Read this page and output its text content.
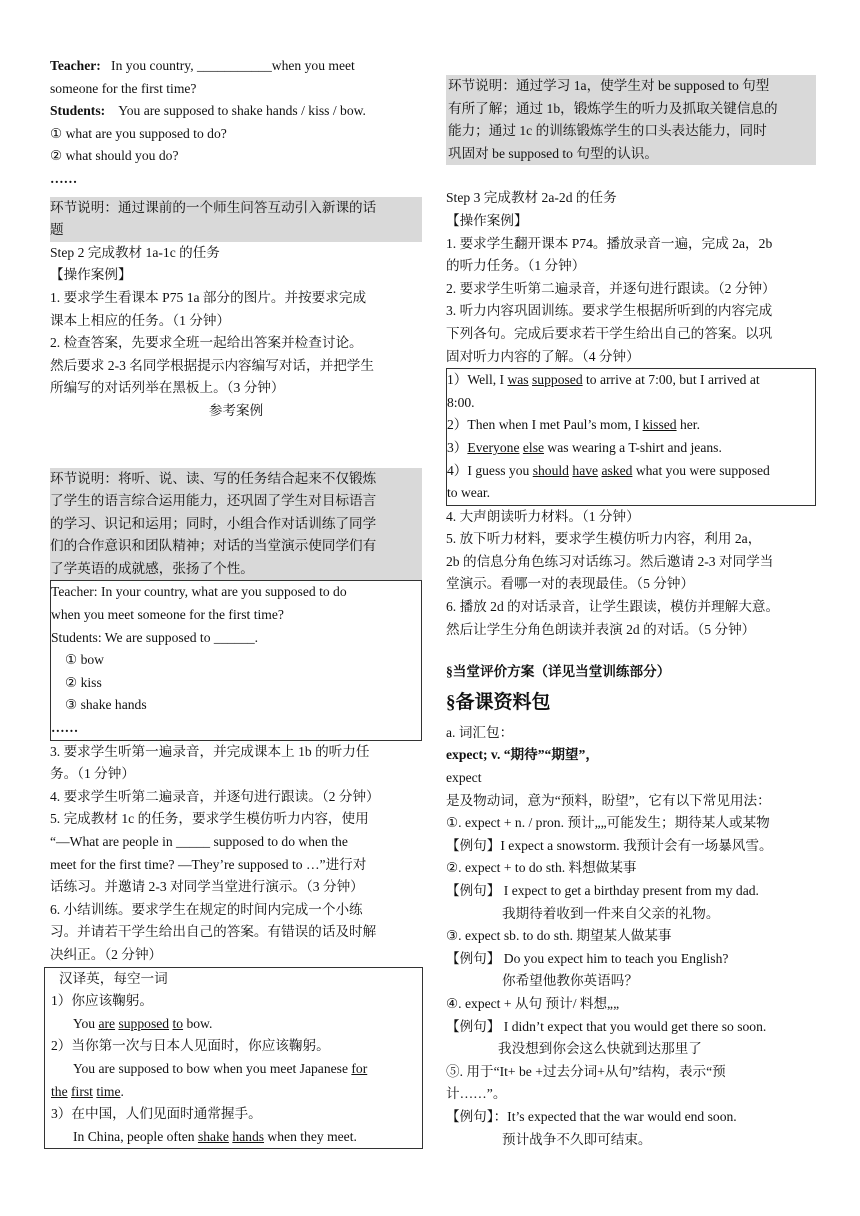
Teacher: In you country, ___________when you meet
someone for the first time?
Students: You are supposed to shake hands / kiss / bow.
① what are you supposed to do?
② what should you do?
……
环节说明：通过课前的一个师生问答互动引入新课的话
题
Step 2 完成教材 1a-1c 的任务
【操作案例】
1. 要求学生看课本 P75 1a 部分的图片。并按要求完成
课本上相应的任务。（1 分钟）
2. 检查答案，先要求全班一起给出答案并检查讨论。
然后要求 2-3 名同学根据提示内容编写对话，并把学生
所编写的对话列举在黑板上。（3 分钟）
参考案例
环节说明：将听、说、读、写的任务结合起来不仅锻炼
了学生的语言综合运用能力，还巩固了学生对目标语言
的学习、识记和运用；同时，小组合作对话训练了同学
们的合作意识和团队精神；对话的当堂演示使同学们有
了学英语的成就感，张扬了个性。
Teacher: In your country, what are you supposed to do
when you meet someone for the first time?
Students: We are supposed to ______.
① bow
② kiss
③ shake hands
……
3. 要求学生听第一遍录音，并完成课本上 1b 的听力任
务。（1 分钟）
4. 要求学生听第二遍录音，并逐句进行跟读。（2 分钟）
5. 完成教材 1c 的任务，要求学生模仿听力内容，使用
“—What are people in _____ supposed to do when the
meet for the first time? —They’re supposed to …”进行对
话练习。并邀请 2-3 对同学当堂进行演示。（3 分钟）
6. 小结训练。要求学生在规定的时间内完成一个小练
习。并请若干学生给出自己的答案。有错误的话及时解
决纠正。（2 分钟）
汉译英，每空一词
1）你应该鞠躬。
You are supposed to bow.
2）当你第一次与日本人见面时，你应该鞠躬。
You are supposed to bow when you meet Japanese for
the first time.
3）在中国，人们见面时通常握手。
In China, people often shake hands when they meet.
环节说明：通过学习 1a，使学生对 be supposed to 句型
有所了解；通过 1b，锻炼学生的听力及抓取关键信息的
能力；通过 1c 的训练锻炼学生的口头表达能力，同时
巩固对 be supposed to 句型的认识。
Step 3 完成教材 2a-2d 的任务
【操作案例】
1. 要求学生翻开课本 P74。播放录音一遍，完成 2a，2b
的听力任务。（1 分钟）
2. 要求学生听第二遍录音，并逐句进行跟读。（2 分钟）
3. 听力内容巩固训练。要求学生根据所听到的内容完成
下列各句。完成后要求若干学生给出自己的答案。以巩
固对听力内容的了解。（4 分钟）
1）Well, I was supposed to arrive at 7:00, but I arrived at
8:00.
2）Then when I met Paul’s mom, I kissed her.
3）Everyone else was wearing a T-shirt and jeans.
4）I guess you should have asked what you were supposed
to wear.
4. 大声朗读听力材料。（1 分钟）
5. 放下听力材料，要求学生模仿听力内容，利用 2a，
2b 的信息分角色练习对话练习。然后邀请 2-3 对同学当
堂演示。看哪一对的表现最佳。（5 分钟）
6. 播放 2d 的对话录音，让学生跟读，模仿并理解大意。
然后让学生分角色朗读并表演 2d 的对话。（5 分钟）
§当堂评价方案（详见当堂训练部分）
§备课资料包
a. 词汇包：
expect; v. “期待”“期望”，
expect
是及物动词，意为“预料，盼望”，它有以下常见用法：
①. expect + n. / pron. 预计„„可能发生；期待某人或某物
【例句】I expect a snowstorm. 我预计会有一场暴风雪。
②. expect + to do sth. 料想做某事
【例句】 I expect to get a birthday present from my dad.
我期待着收到一件来自父亲的礼物。
③. expect sb. to do sth. 期望某人做某事
【例句】 Do you expect him to teach you English?
你希望他教你英语吗？
④. expect + 从句 预计/ 料想„„
【例句】 I didn’t expect that you would get there so soon.
我没想到你会这么快就到达那里了
⑤. 用于“It+ be +过去分词+从句”结构，表示“预
计……”。
【例句】：It’s expected that the war would end soon.
预计战争不久即可结束。
